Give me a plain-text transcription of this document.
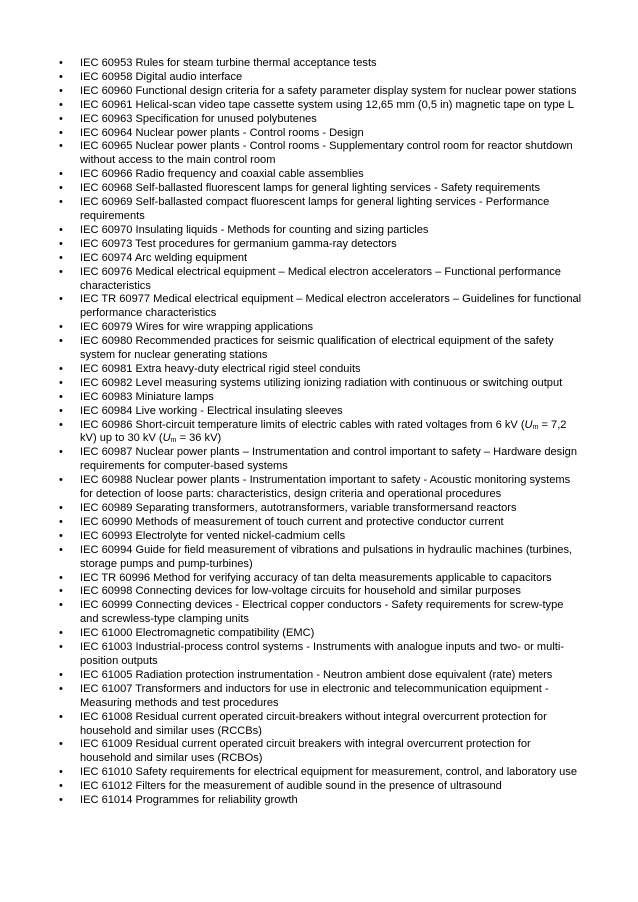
•	IEC 60953 Rules for steam turbine thermal acceptance tests
•	IEC 60958 Digital audio interface
•	IEC 60960 Functional design criteria for a safety parameter display system for nuclear power stations
•	IEC 60961 Helical-scan video tape cassette system using 12,65 mm (0,5 in) magnetic tape on type L
•	IEC 60963 Specification for unused polybutenes
•	IEC 60964 Nuclear power plants - Control rooms - Design
•	IEC 60965 Nuclear power plants - Control rooms - Supplementary control room for reactor shutdown without access to the main control room
•	IEC 60966 Radio frequency and coaxial cable assemblies
•	IEC 60968 Self-ballasted fluorescent lamps for general lighting services - Safety requirements
•	IEC 60969 Self-ballasted compact fluorescent lamps for general lighting services - Performance requirements
•	IEC 60970 Insulating liquids - Methods for counting and sizing particles
•	IEC 60973 Test procedures for germanium gamma-ray detectors
•	IEC 60974 Arc welding equipment
•	IEC 60976 Medical electrical equipment – Medical electron accelerators – Functional performance characteristics
•	IEC TR 60977 Medical electrical equipment – Medical electron accelerators – Guidelines for functional performance characteristics
•	IEC 60979 Wires for wire wrapping applications
•	IEC 60980 Recommended practices for seismic qualification of electrical equipment of the safety system for nuclear generating stations
•	IEC 60981 Extra heavy-duty electrical rigid steel conduits
•	IEC 60982 Level measuring systems utilizing ionizing radiation with continuous or switching output
•	IEC 60983 Miniature lamps
•	IEC 60984 Live working - Electrical insulating sleeves
•	IEC 60986 Short-circuit temperature limits of electric cables with rated voltages from 6 kV ($U_m = 7,2$ kV) up to 30 kV ($U_m = 36$ kV)
•	IEC 60987 Nuclear power plants – Instrumentation and control important to safety – Hardware design requirements for computer-based systems
•	IEC 60988 Nuclear power plants - Instrumentation important to safety - Acoustic monitoring systems for detection of loose parts: characteristics, design criteria and operational procedures
•	IEC 60989 Separating transformers, autotransformers, variable transformersand reactors
•	IEC 60990 Methods of measurement of touch current and protective conductor current
•	IEC 60993 Electrolyte for vented nickel-cadmium cells
•	IEC 60994 Guide for field measurement of vibrations and pulsations in hydraulic machines (turbines, storage pumps and pump-turbines)
•	IEC TR 60996 Method for verifying accuracy of tan delta measurements applicable to capacitors
•	IEC 60998 Connecting devices for low-voltage circuits for household and similar purposes
•	IEC 60999 Connecting devices - Electrical copper conductors - Safety requirements for screw-type and screwless-type clamping units
•	IEC 61000 Electromagnetic compatibility (EMC)
•	IEC 61003 Industrial-process control systems - Instruments with analogue inputs and two- or multi-position outputs
•	IEC 61005 Radiation protection instrumentation - Neutron ambient dose equivalent (rate) meters
•	IEC 61007 Transformers and inductors for use in electronic and telecommunication equipment - Measuring methods and test procedures
•	IEC 61008 Residual current operated circuit-breakers without integral overcurrent protection for household and similar uses (RCCBs)
•	IEC 61009 Residual current operated circuit breakers with integral overcurrent protection for household and similar uses (RCBOs)
•	IEC 61010 Safety requirements for electrical equipment for measurement, control, and laboratory use
•	IEC 61012 Filters for the measurement of audible sound in the presence of ultrasound
•	IEC 61014 Programmes for reliability growth
